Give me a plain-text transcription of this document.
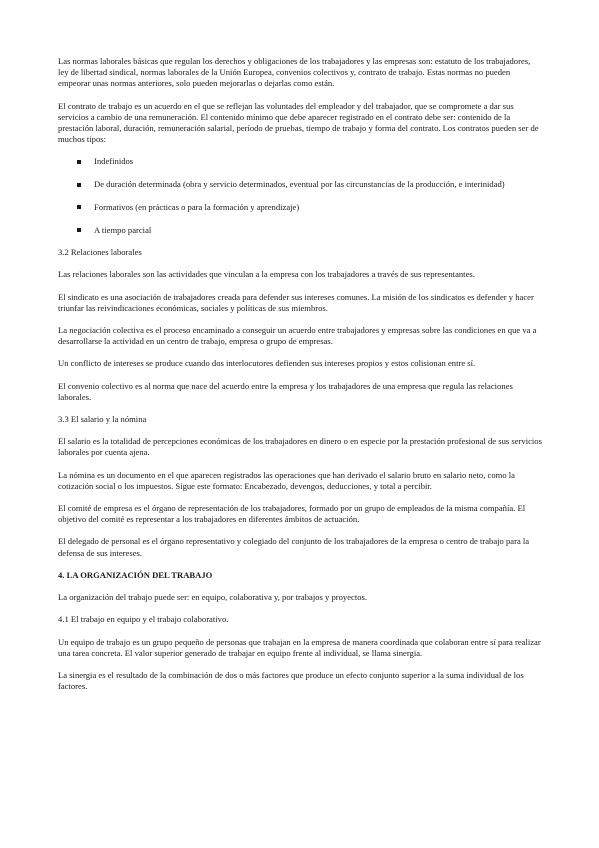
Las normas laborales básicas que regulan los derechos y obligaciones de los trabajadores y las empresas son: estatuto de los trabajadores, ley de libertad sindical, normas laborales de la Unión Europea, convenios colectivos y, contrato de trabajo. Estas normas no pueden empeorar unas normas anteriores, solo pueden mejorarlas o dejarlas como están.

El contrato de trabajo es un acuerdo en el que se reflejan las voluntades del empleador y del trabajador, que se compromete a dar sus servicios a cambio de una remuneración. El contenido mínimo que debe aparecer registrado en el contrato debe ser: contenido de la prestación laboral, duración, remuneración salarial, período de pruebas, tiempo de trabajo y forma del contrato. Los contratos pueden ser de muchos tipos:

Indefinidos
De duración determinada (obra y servicio determinados, eventual por las circunstancias de la producción, e interinidad)
Formativos (en prácticas o para la formación y aprendizaje)
A tiempo parcial
3.2 Relaciones laborales

Las relaciones laborales son las actividades que vinculan a la empresa con los trabajadores a través de sus representantes.

El sindicato es una asociación de trabajadores creada para defender sus intereses comunes. La misión de los sindicatos es defender y hacer triunfar las reivindicaciones económicas, sociales y políticas de sus miembros.

La negociación colectiva es el proceso encaminado a conseguir un acuerdo entre trabajadores y empresas sobre las condiciones en que va a desarrollarse la actividad en un centro de trabajo, empresa o grupo de empresas.

Un conflicto de intereses se produce cuando dos interlocutores defienden sus intereses propios y estos colisionan entre sí.

El convenio colectivo es al norma que nace del acuerdo entre la empresa y los trabajadores de una empresa que regula las relaciones laborales.

3.3 El salario y la nómina

El salario es la totalidad de percepciones económicas de los trabajadores en dinero o en especie por la prestación profesional de sus servicios laborales por cuenta ajena.

La nómina es un documento en el que aparecen registrados las operaciones que han derivado el salario bruto en salario neto, como la cotización social o los impuestos. Sigue este formato: Encabezado, devengos, deducciones, y total a percibir.

El comité de empresa es el órgano de representación de los trabajadores, formado por un grupo de empleados de la misma compañía. El objetivo del comité es representar a los trabajadores en diferentes ámbitos de actuación.

El delegado de personal es el órgano representativo y colegiado del conjunto de los trabajadores de la empresa o centro de trabajo para la defensa de sus intereses.

4. LA ORGANIZACIÓN DEL TRABAJO

La organización del trabajo puede ser: en equipo, colaborativa y, por trabajos y proyectos.

4.1 El trabajo en equipo y el trabajo colaborativo.

Un equipo de trabajo es un grupo pequeño de personas que trabajan en la empresa de manera coordinada que colaboran entre sí para realizar una tarea concreta. El valor superior generado de trabajar en equipo frente al individual, se llama sinergia.

La sinergia es el resultado de la combinación de dos o más factores que produce un efecto conjunto superior a la suma individual de los factores.
